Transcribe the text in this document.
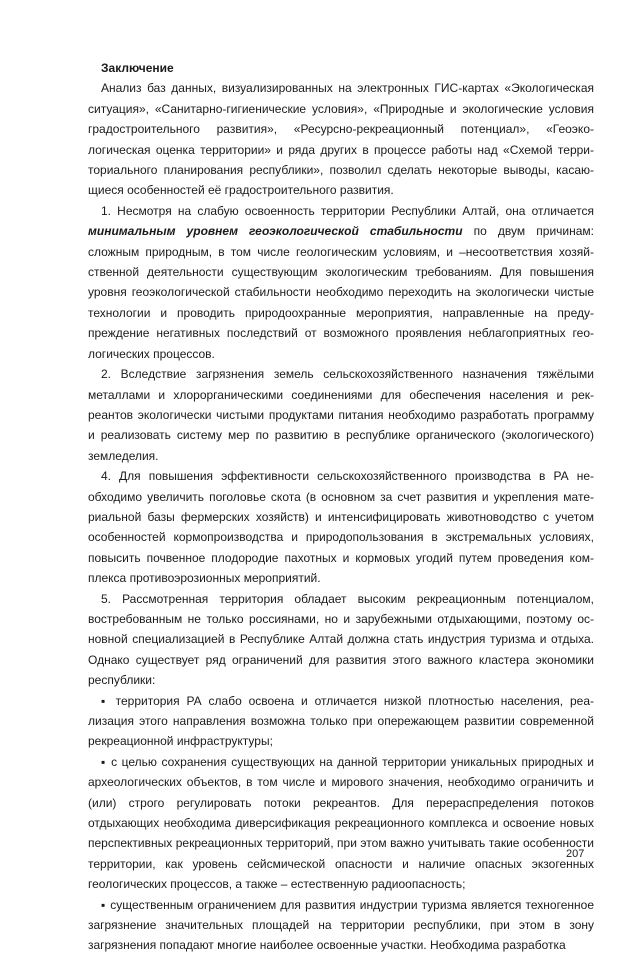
Заключение

Анализ баз данных, визуализированных на электронных ГИС-картах «Экологическая ситуация», «Санитарно-гигиенические условия», «Природные и экологические условия градостроительного развития», «Ресурсно-рекреационный потенциал», «Геоэкологическая оценка территории» и ряда других в процессе работы над «Схемой территориального планирования республики», позволил сделать некоторые выводы, касающиеся особенностей её градостроительного развития.

1. Несмотря на слабую освоенность территории Республики Алтай, она отличается минимальным уровнем геоэкологической стабильности по двум причинам: сложным природным, в том числе геологическим условиям, и –несоответствия хозяйственной деятельности существующим экологическим требованиям. Для повышения уровня геоэкологической стабильности необходимо переходить на экологически чистые технологии и проводить природоохранные мероприятия, направленные на предупреждение негативных последствий от возможного проявления неблагоприятных геологических процессов.

2. Вследствие загрязнения земель сельскохозяйственного назначения тяжёлыми металлами и хлорорганическими соединениями для обеспечения населения и рекреантов экологически чистыми продуктами питания необходимо разработать программу и реализовать систему мер по развитию в республике органического (экологического) земледелия.

4. Для повышения эффективности сельскохозяйственного производства в РА необходимо увеличить поголовье скота (в основном за счет развития и укрепления материальной базы фермерских хозяйств) и интенсифицировать животноводство с учетом особенностей кормопроизводства и природопользования в экстремальных условиях, повысить почвенное плодородие пахотных и кормовых угодий путем проведения комплекса противоэрозионных мероприятий.

5. Рассмотренная территория обладает высоким рекреационным потенциалом, востребованным не только россиянами, но и зарубежными отдыхающими, поэтому основной специализацией в Республике Алтай должна стать индустрия туризма и отдыха. Однако существует ряд ограничений для развития этого важного кластера экономики республики:

▪ территория РА слабо освоена и отличается низкой плотностью населения, реализация этого направления возможна только при опережающем развитии современной рекреационной инфраструктуры;

▪ с целью сохранения существующих на данной территории уникальных природных и археологических объектов, в том числе и мирового значения, необходимо ограничить и (или) строго регулировать потоки рекреантов. Для перераспределения потоков отдыхающих необходима диверсификация рекреационного комплекса и освоение новых перспективных рекреационных территорий, при этом важно учитывать такие особенности территории, как уровень сейсмической опасности и наличие опасных экзогенных геологических процессов, а также – естественную радиоопасность;

▪ существенным ограничением для развития индустрии туризма является техногенное загрязнение значительных площадей на территории республики, при этом в зону загрязнения попадают многие наиболее освоенные участки. Необходима разработка

207
